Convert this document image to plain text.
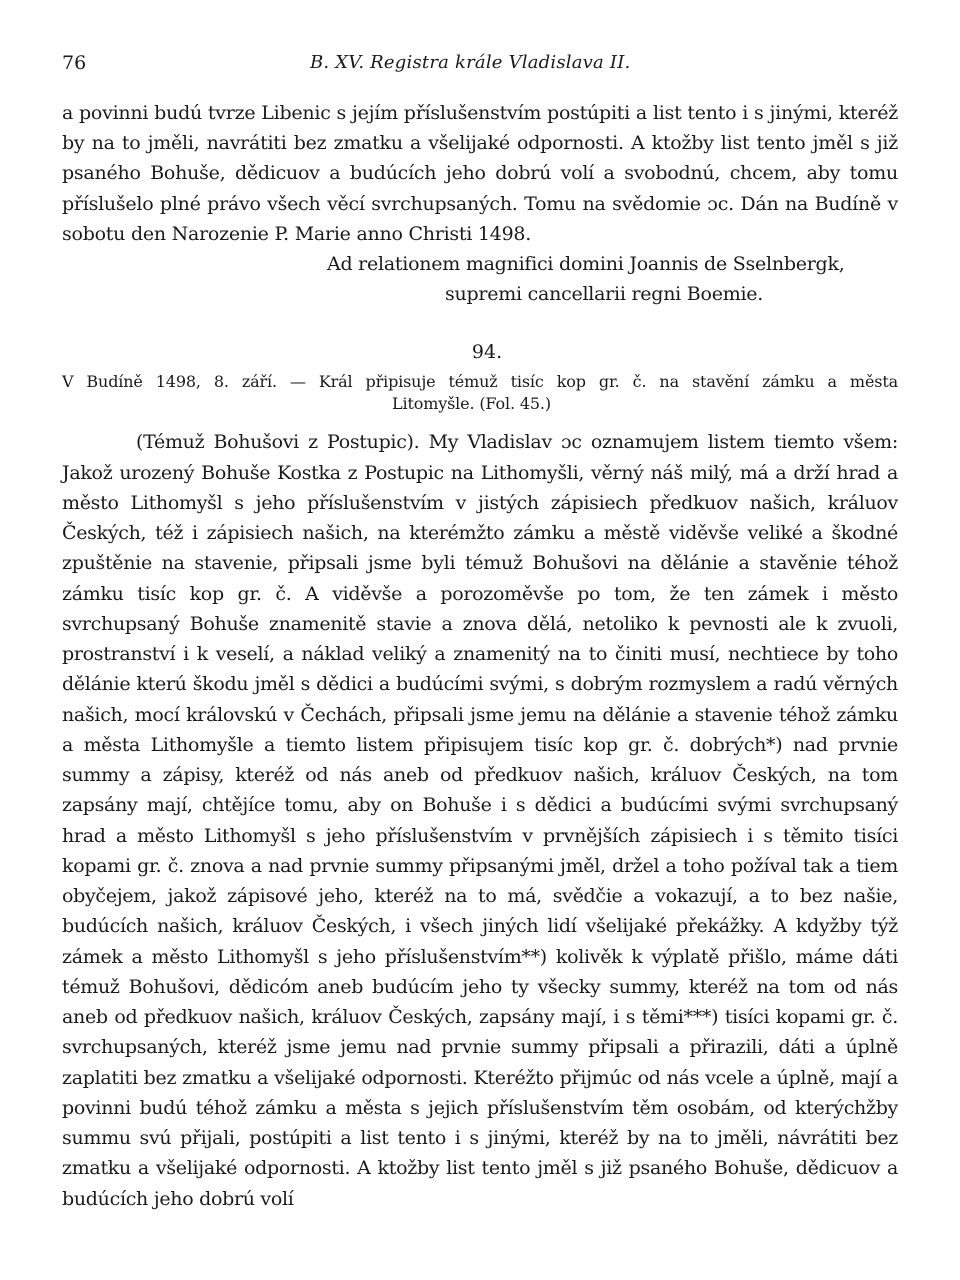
76	B. XV. Registra krále Vladislava II.

a povinni budú tvrze Libenic s jejím příslušenstvím postúpiti a list tento i s jinými, kteréž by na to jměli, navrátiti bez zmatku a všelijaké odpornosti. A ktožby list tento jměl s již psaného Bohuše, dědicuov a budúcích jeho dobrú volí a svobodnú, chcem, aby tomu příslušelo plné právo všech věcí svrchupsaných. Tomu na svědomie ɔc. Dán na Budíně v sobotu den Narozenie P. Marie anno Christi 1498.

Ad relationem magnifici domini Joannis de Sselnbergk,

supremi cancellarii regni Boemie.

94.

V Budíně 1498, 8. září. — Král připisuje témuž tisíc kop gr. č. na stavění zámku a města
Litomyšle. (Fol. 45.)

(Témuž Bohušovi z Postupic). My Vladislav ɔc oznamujem listem tiemto všem: Jakož urozený Bohuše Kostka z Postupic na Lithomyšli, věrný náš milý, má a drží hrad a město Lithomyšl s jeho příslušenstvím v jistých zápisiech předkuov našich, králuov Českých, též i zápisiech našich, na kterémžto zámku a městě viděvše veliké a škodné zpuštěnie na stavenie, připsali jsme byli témuž Bohušovi na dělánie a stavěnie téhož zámku tisíc kop gr. č. A viděvše a porozoměvše po tom, že ten zámek i město svrchupsaný Bohuše znamenitě stavie a znova dělá, netoliko k pevnosti ale k zvuoli, prostranství i k veselí, a náklad veliký a znamenitý na to činiti musí, nechtiece by toho dělánie kterú škodu jměl s dědici a budúcími svými, s dobrým rozmyslem a radú věrných našich, mocí královskú v Čechách, připsali jsme jemu na dělánie a stavenie téhož zámku a města Lithomyšle a tiemto listem připisujem tisíc kop gr. č. dobrých*) nad prvnie summy a zápisy, kteréž od nás aneb od předkuov našich, králuov Českých, na tom zapsány mají, chtějíce tomu, aby on Bohuše i s dědici a budúcími svými svrchupsaný hrad a město Lithomyšl s jeho příslušenstvím v prvnějších zápisiech i s těmito tisíci kopami gr. č. znova a nad prvnie summy připsanými jměl, držel a toho požíval tak a tiem obyčejem, jakož zápisové jeho, kteréž na to má, svědčie a vokazují, a to bez našie, budúcích našich, králuov Českých, i všech jiných lidí všelijaké překážky. A kdyžby týž zámek a město Lithomyšl s jeho příslušenstvím**) kolivěk k výplatě přišlo, máme dáti témuž Bohušovi, dědicóm aneb budúcím jeho ty všecky summy, kteréž na tom od nás aneb od předkuov našich, králuov Českých, zapsány mají, i s těmi***) tisíci kopami gr. č. svrchupsaných, kteréž jsme jemu nad prvnie summy připsali a přirazili, dáti a úplně zaplatiti bez zmatku a všelijaké odpornosti. Kteréžto přijmúc od nás vcele a úplně, mají a povinni budú téhož zámku a města s jejich příslušenstvím těm osobám, od kterýchžby summu svú přijali, postúpiti a list tento i s jinými, kteréž by na to jměli, návrátiti bez zmatku a všelijaké odpornosti. A ktožby list tento jměl s již psaného Bohuše, dědicuov a budúcích jeho dobrú volí
